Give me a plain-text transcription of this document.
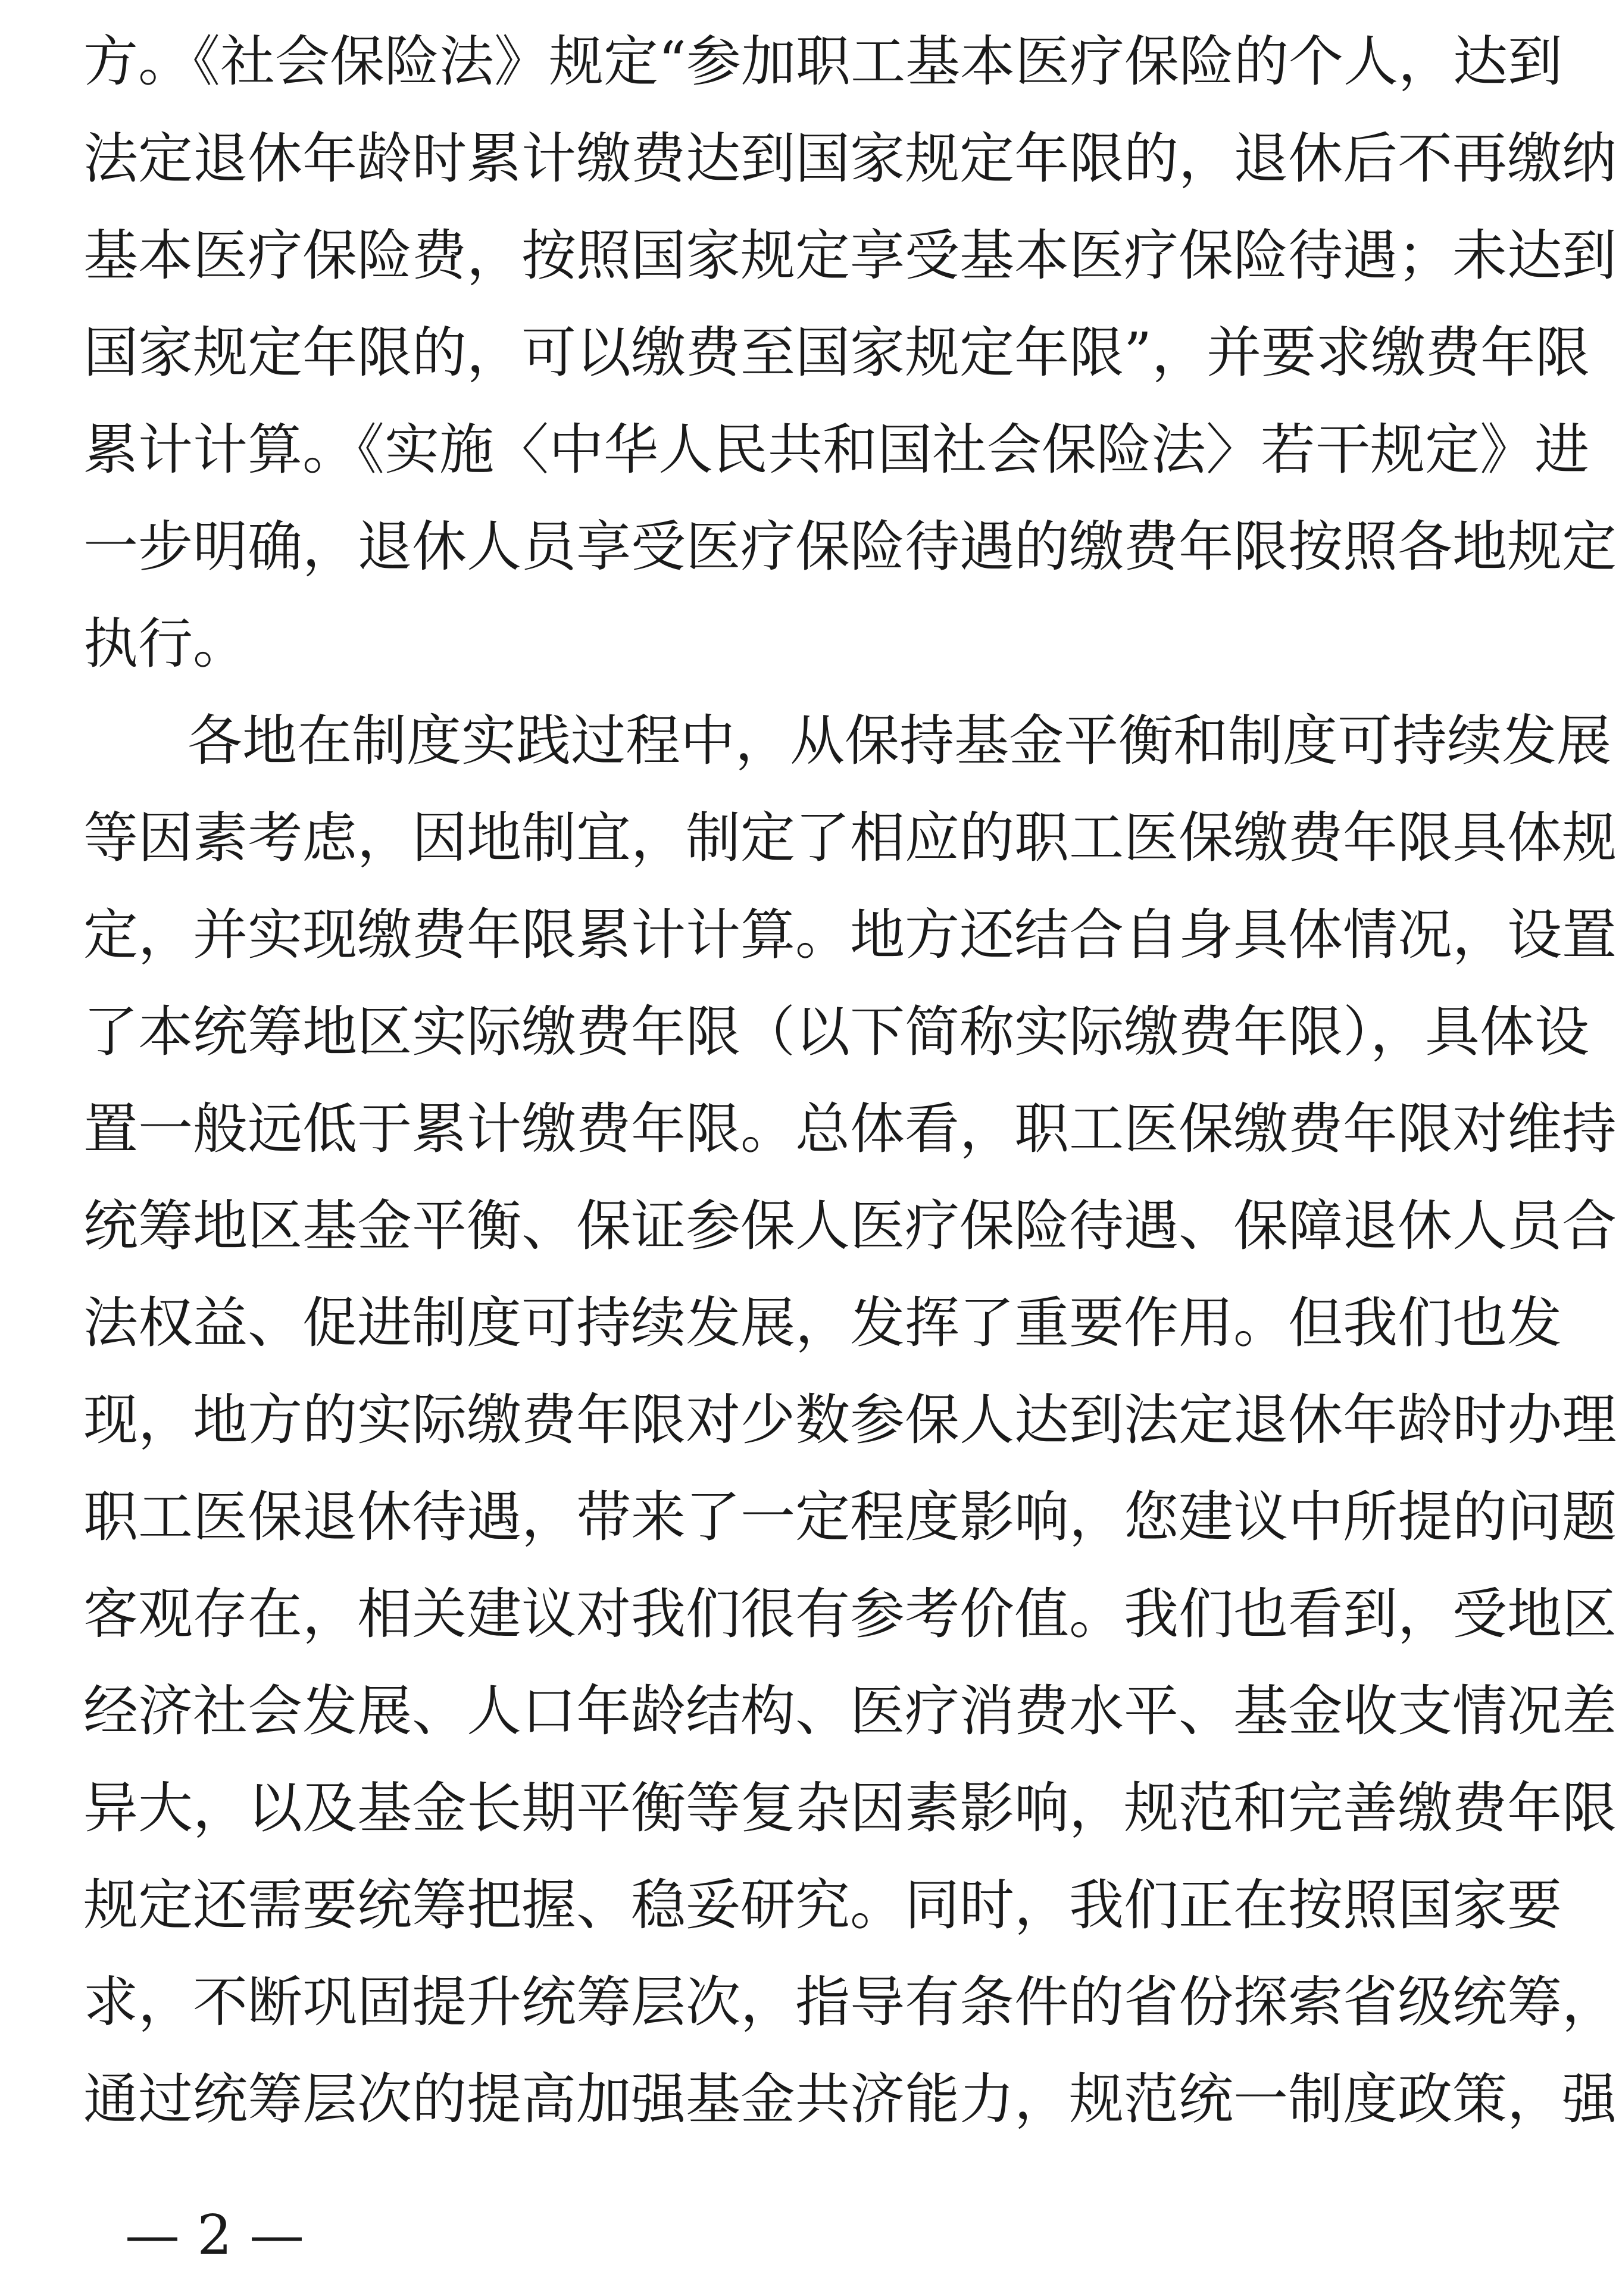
方。《社会保险法》规定“参加职工基本医疗保险的个人，达到
法定退休年龄时累计缴费达到国家规定年限的，退休后不再缴纳
基本医疗保险费，按照国家规定享受基本医疗保险待遇；未达到
国家规定年限的，可以缴费至国家规定年限”，并要求缴费年限
累计计算。《实施〈中华人民共和国社会保险法〉若干规定》进
一步明确，退休人员享受医疗保险待遇的缴费年限按照各地规定
执行。
各地在制度实践过程中，从保持基金平衡和制度可持续发展
等因素考虑，因地制宜，制定了相应的职工医保缴费年限具体规
定，并实现缴费年限累计计算。地方还结合自身具体情况，设置
了本统筹地区实际缴费年限（以下简称实际缴费年限），具体设
置一般远低于累计缴费年限。总体看，职工医保缴费年限对维持
统筹地区基金平衡、保证参保人医疗保险待遇、保障退休人员合
法权益、促进制度可持续发展，发挥了重要作用。但我们也发
现，地方的实际缴费年限对少数参保人达到法定退休年龄时办理
职工医保退休待遇，带来了一定程度影响，您建议中所提的问题
客观存在，相关建议对我们很有参考价值。我们也看到，受地区
经济社会发展、人口年龄结构、医疗消费水平、基金收支情况差
异大，以及基金长期平衡等复杂因素影响，规范和完善缴费年限
规定还需要统筹把握、稳妥研究。同时，我们正在按照国家要
求，不断巩固提升统筹层次，指导有条件的省份探索省级统筹，
通过统筹层次的提高加强基金共济能力，规范统一制度政策，强
— 2 —
